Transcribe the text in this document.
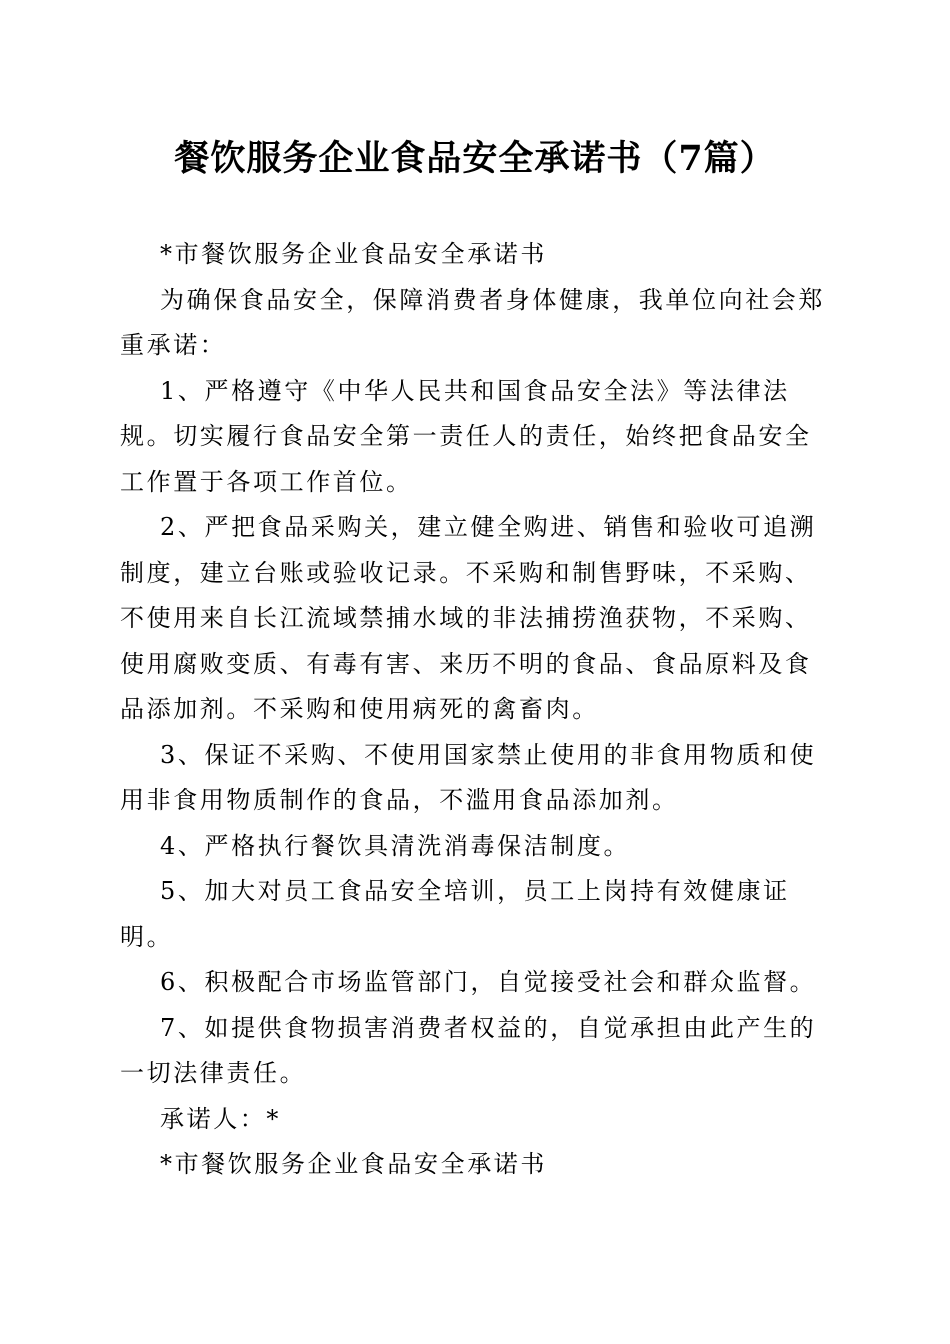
餐饮服务企业食品安全承诺书（7篇）

*市餐饮服务企业食品安全承诺书

为确保食品安全，保障消费者身体健康，我单位向社会郑重承诺：

1、严格遵守《中华人民共和国食品安全法》等法律法规。切实履行食品安全第一责任人的责任，始终把食品安全工作置于各项工作首位。

2、严把食品采购关，建立健全购进、销售和验收可追溯制度，建立台账或验收记录。不采购和制售野味，不采购、不使用来自长江流域禁捕水域的非法捕捞渔获物，不采购、使用腐败变质、有毒有害、来历不明的食品、食品原料及食品添加剂。不采购和使用病死的禽畜肉。

3、保证不采购、不使用国家禁止使用的非食用物质和使用非食用物质制作的食品，不滥用食品添加剂。

4、严格执行餐饮具清洗消毒保洁制度。

5、加大对员工食品安全培训，员工上岗持有效健康证明。

6、积极配合市场监管部门，自觉接受社会和群众监督。

7、如提供食物损害消费者权益的，自觉承担由此产生的一切法律责任。

承诺人：*

*市餐饮服务企业食品安全承诺书
